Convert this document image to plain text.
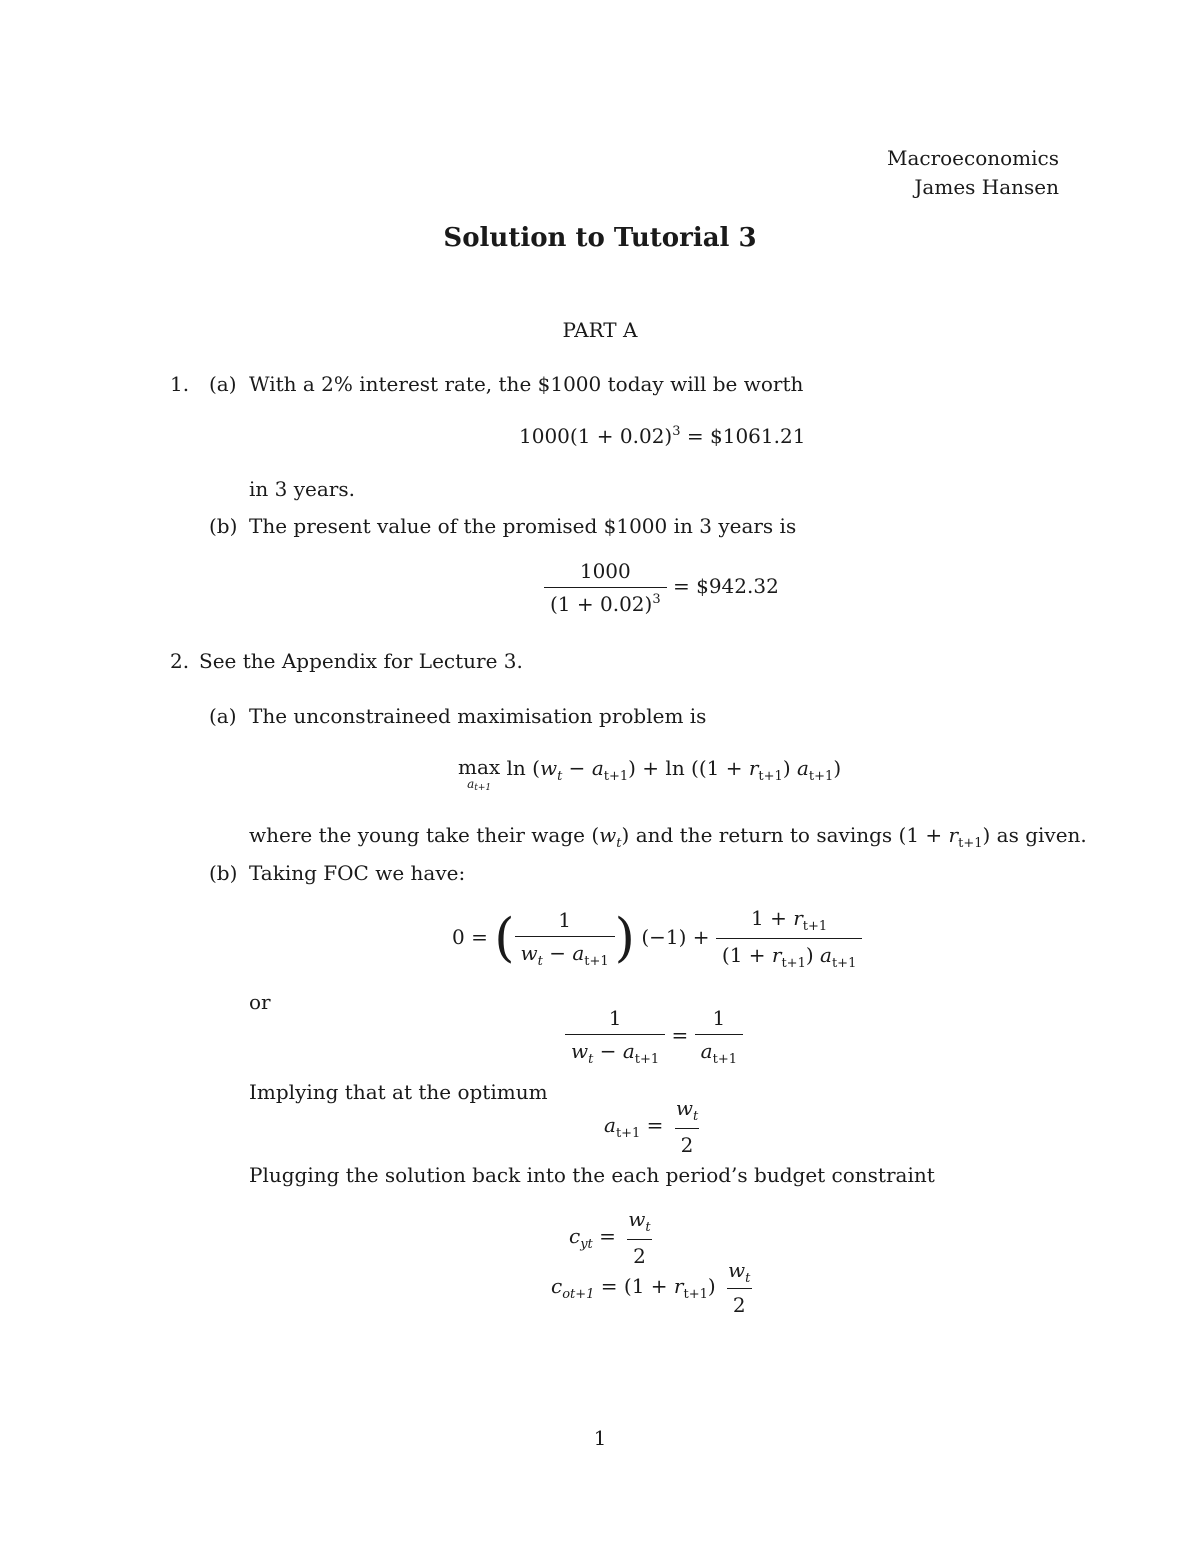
Macroeconomics
James Hansen
Solution to Tutorial 3
PART A
1. (a) With a 2% interest rate, the $1000 today will be worth
$1000(1 + 0.02)^3$ = $1061.21
in 3 years.
(b) The present value of the promised $1000 in 3 years is
$\frac{1000}{(1 + 0.02)^3}$ = $942.32
2. See the Appendix for Lecture 3.
(a) The unconstraineed maximisation problem is
max
$a_{t+1}$
$\ln (w_t - a_{t+1}) + \ln ((1 + r_{t+1})$ $a_{t+1}$)
where the young take their wage $(w_t)$ and the return to savings $(1 + r_{t+1})$ as given.
(b) Taking FOC we have:
0 = ( $\frac{1}{w_t - a_{t+1}}$ ) $(-1) + \frac{1 + r_{t+1}}{(1 + r_{t+1}) a_{t+1}}$
or
$\frac{1}{w_t - a_{t+1}} = \frac{1}{a_{t+1}}$
Implying that at the optimum
$a_{t+1} = \frac{w_t}{2}$
Plugging the solution back into the each period’s budget constraint
$c_{yt} = \frac{w_t}{2}$
$c_{ot+1} = (1 + r_{t+1}) \frac{w_t}{2}$
1
